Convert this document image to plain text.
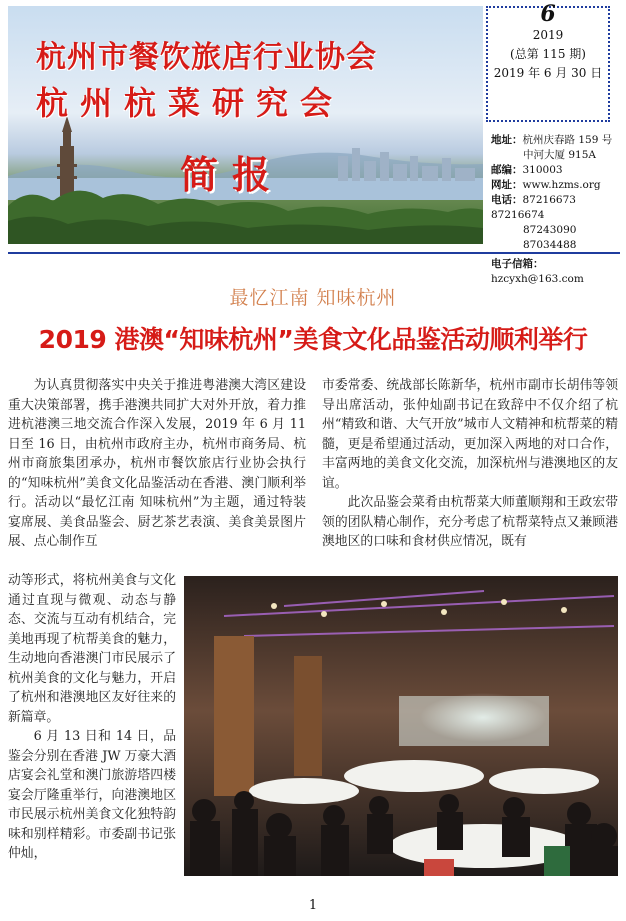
杭州市餐饮旅店行业协会
杭州杭菜研究会
简报
6
2019
(总第 115 期)
2019 年 6 月 30 日
地址：杭州庆春路 159 号
中河大厦 915A
邮编：310003
网址：www.hzms.org
电话：87216673 87216674
87243090 87034488
电子信箱：hzcyxh@163.com
最忆江南 知味杭州
2019 港澳“知味杭州”美食文化品鉴活动顺利举行

为认真贯彻落实中央关于推进粤港澳大湾区建设重大决策部署，携手港澳共同扩大对外开放，着力推进杭港澳三地交流合作深入发展，2019 年 6 月 11 日至 16 日，由杭州市政府主办，杭州市商务局、杭州市商旅集团承办，杭州市餐饮旅店行业协会执行的“知味杭州”美食文化品鉴活动在香港、澳门顺利举行。活动以“最忆江南 知味杭州”为主题，通过特装宴席展、美食品鉴会、厨艺茶艺表演、美食美景图片展、点心制作互

动等形式，将杭州美食与文化通过直现与微观、动态与静态、交流与互动有机结合，完美地再现了杭帮美食的魅力，生动地向香港澳门市民展示了杭州美食的文化与魅力，开启了杭州和港澳地区友好往来的新篇章。

6 月 13 日和 14 日，品鉴会分别在香港 JW 万豪大酒店宴会礼堂和澳门旅游塔四楼宴会厅隆重举行，向港澳地区市民展示杭州美食文化独特韵味和别样精彩。市委副书记张仲灿，

市委常委、统战部长陈新华，杭州市副市长胡伟等领导出席活动，张仲灿副书记在致辞中不仅介绍了杭州“精致和谐、大气开放”城市人文精神和杭帮菜的精髓，更是希望通过活动，更加深入两地的对口合作，丰富两地的美食文化交流，加深杭州与港澳地区的友谊。

此次品鉴会菜肴由杭帮菜大师董顺翔和王政宏带领的团队精心制作，充分考虑了杭帮菜特点又兼顾港澳地区的口味和食材供应情况，既有

1
